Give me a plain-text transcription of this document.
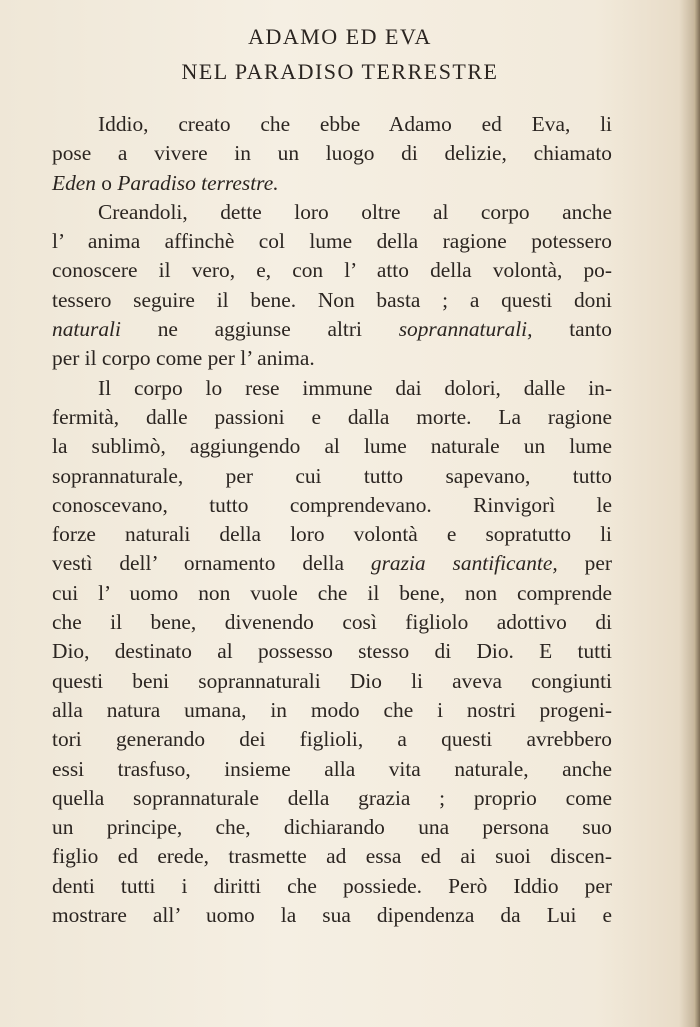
ADAMO ED EVA
NEL PARADISO TERRESTRE
Iddio, creato che ebbe Adamo ed Eva, li
pose a vivere in un luogo di delizie, chiamato
Eden o Paradiso terrestre.
Creandoli, dette loro oltre al corpo anche
l’ anima affinchè col lume della ragione potessero
conoscere il vero, e, con l’ atto della volontà, po-
tessero seguire il bene. Non basta ; a questi doni
naturali ne aggiunse altri soprannaturali, tanto
per il corpo come per l’ anima.
Il corpo lo rese immune dai dolori, dalle in-
fermità, dalle passioni e dalla morte. La ragione
la sublimò, aggiungendo al lume naturale un lume
soprannaturale, per cui tutto sapevano, tutto
conoscevano, tutto comprendevano. Rinvigorì le
forze naturali della loro volontà e sopratutto li
vestì dell’ ornamento della grazia santificante, per
cui l’ uomo non vuole che il bene, non comprende
che il bene, divenendo così figliolo adottivo di
Dio, destinato al possesso stesso di Dio. E tutti
questi beni soprannaturali Dio li aveva congiunti
alla natura umana, in modo che i nostri progeni-
tori generando dei figlioli, a questi avrebbero
essi trasfuso, insieme alla vita naturale, anche
quella soprannaturale della grazia ; proprio come
un principe, che, dichiarando una persona suo
figlio ed erede, trasmette ad essa ed ai suoi discen-
denti tutti i diritti che possiede. Però Iddio per
mostrare all’ uomo la sua dipendenza da Lui e
